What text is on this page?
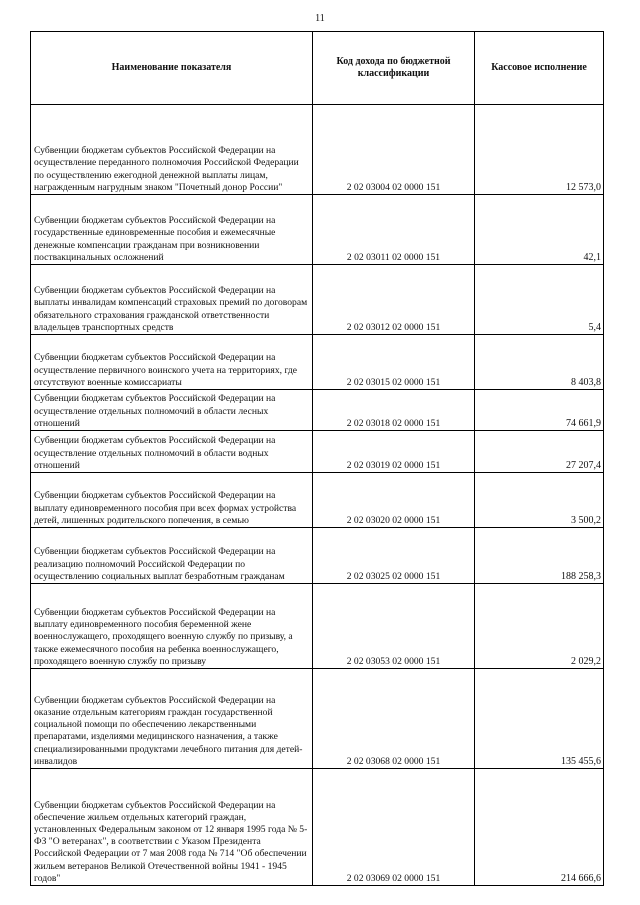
11
Наименование показателя	Код дохода по бюджетной классификации	Кассовое исполнение
Субвенции бюджетам субъектов Российской Федерации на осуществление переданного полномочия Российской Федерации по осуществлению ежегодной денежной выплаты лицам, награжденным нагрудным знаком "Почетный донор России"	2 02 03004 02 0000 151	12 573,0
Субвенции бюджетам субъектов Российской Федерации на государственные единовременные пособия и ежемесячные денежные компенсации гражданам при возникновении поствакцинальных осложнений	2 02 03011 02 0000 151	42,1
Субвенции бюджетам субъектов Российской Федерации на выплаты инвалидам компенсаций страховых премий по договорам обязательного страхования гражданской ответственности владельцев транспортных средств	2 02 03012 02 0000 151	5,4
Субвенции бюджетам субъектов Российской Федерации на осуществление первичного воинского учета на территориях, где отсутствуют военные комиссариаты	2 02 03015 02 0000 151	8 403,8
Субвенции бюджетам субъектов Российской Федерации на осуществление отдельных полномочий в области лесных отношений	2 02 03018 02 0000 151	74 661,9
Субвенции бюджетам субъектов Российской Федерации на осуществление отдельных полномочий в области водных отношений	2 02 03019 02 0000 151	27 207,4
Субвенции бюджетам субъектов Российской Федерации на выплату единовременного пособия при всех формах устройства детей, лишенных родительского попечения, в семью	2 02 03020 02 0000 151	3 500,2
Субвенции бюджетам субъектов Российской Федерации на реализацию полномочий Российской Федерации по осуществлению социальных выплат безработным гражданам	2 02 03025 02 0000 151	188 258,3
Субвенции бюджетам субъектов Российской Федерации на выплату единовременного пособия беременной жене военнослужащего, проходящего военную службу по призыву, а также ежемесячного пособия на ребенка военнослужащего, проходящего военную службу по призыву	2 02 03053 02 0000 151	2 029,2
Субвенции бюджетам субъектов Российской Федерации на оказание отдельным категориям граждан государственной социальной помощи по обеспечению лекарственными препаратами, изделиями медицинского назначения, а также специализированными продуктами лечебного питания для детей-инвалидов	2 02 03068 02 0000 151	135 455,6
Субвенции бюджетам субъектов Российской Федерации на обеспечение жильем отдельных категорий граждан, установленных Федеральным законом от 12 января 1995 года № 5-ФЗ "О ветеранах", в соответствии с Указом Президента Российской Федерации от 7 мая 2008 года № 714 "Об обеспечении жильем ветеранов Великой Отечественной войны 1941 - 1945 годов"	2 02 03069 02 0000 151	214 666,6
